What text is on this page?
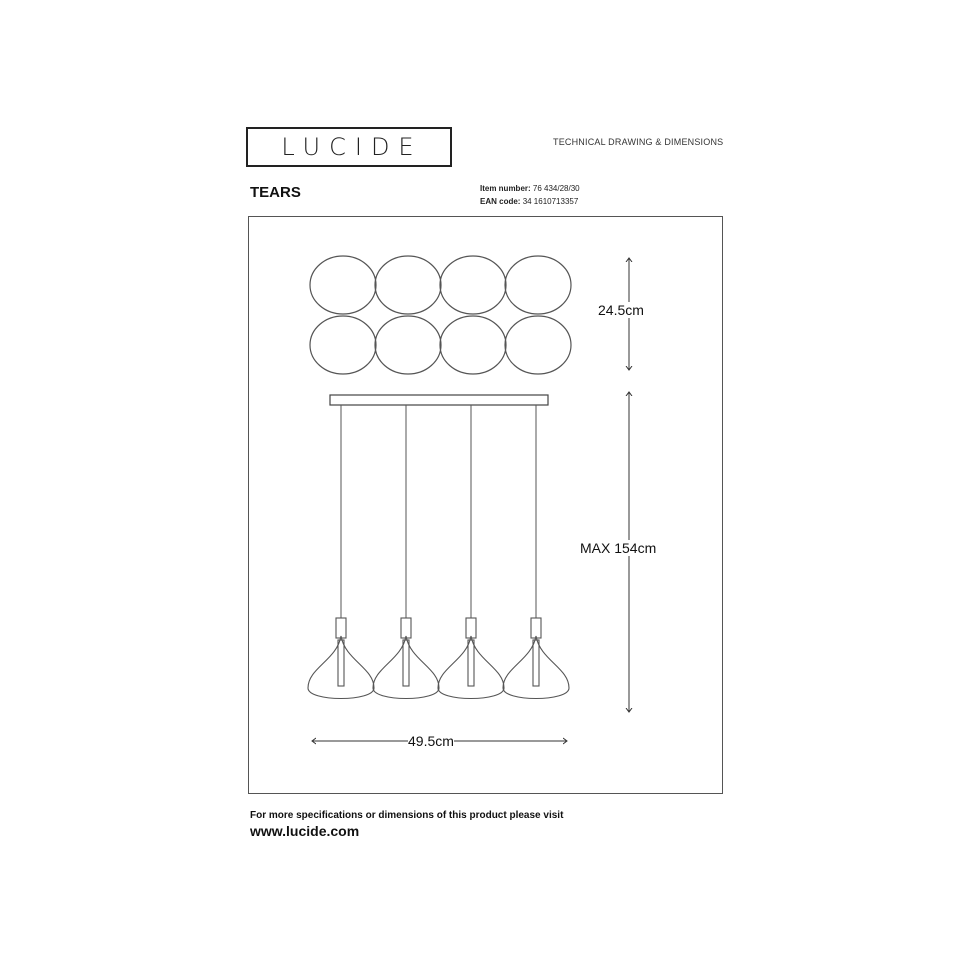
LUCIDE	TECHNICAL DRAWING & DIMENSIONS
TEARS	Item number: 76 434/28/30
EAN code: 34 1610713357
24.5cm
MAX 154cm
49.5cm
For more specifications or dimensions of this product please visit
www.lucide.com
